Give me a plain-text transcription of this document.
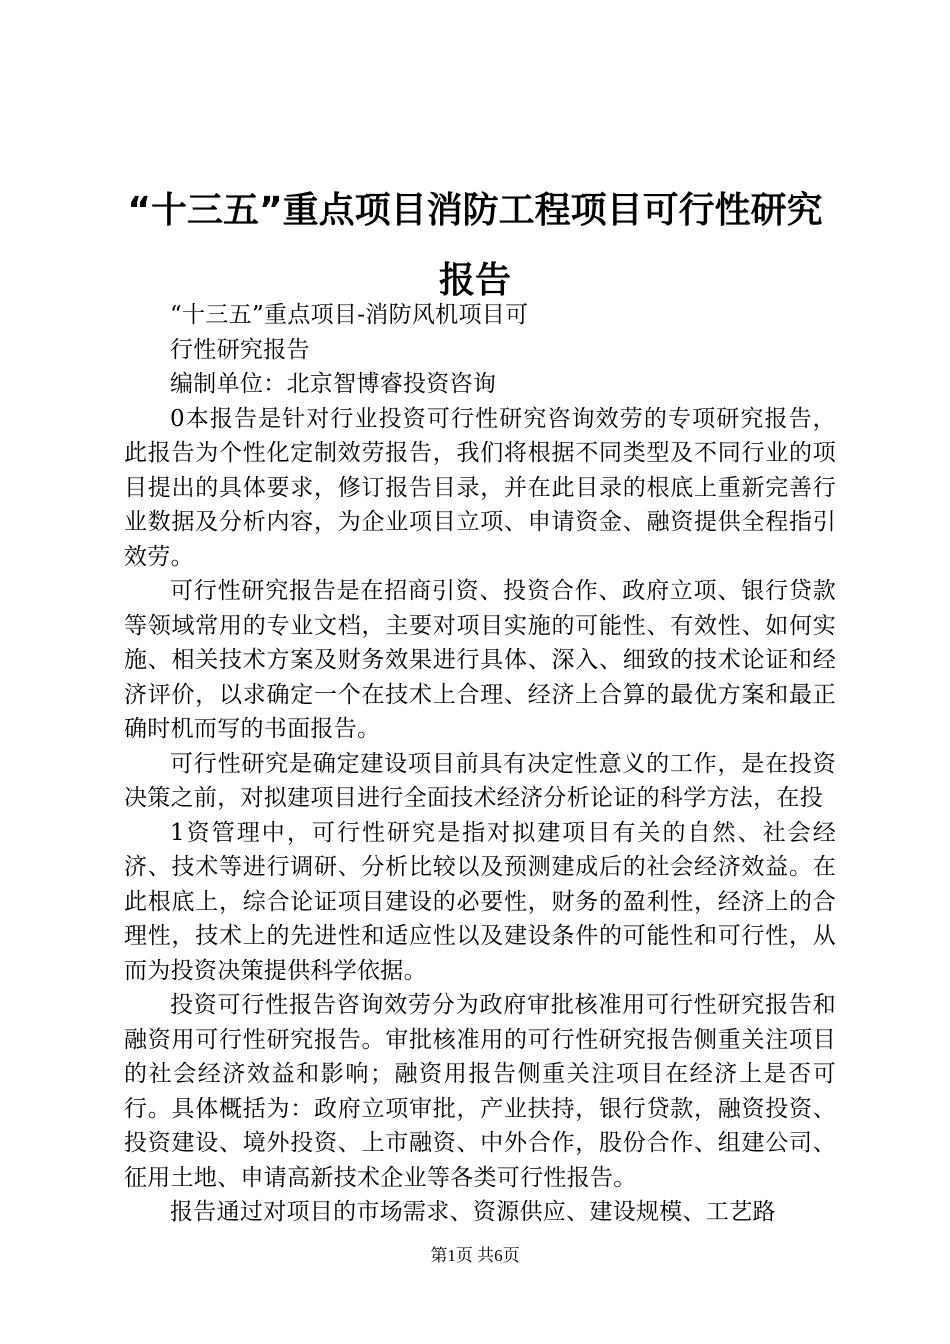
“十三五”重点项目消防工程项目可行性研究
报告

“十三五”重点项目-消防风机项目可

行性研究报告

编制单位：北京智博睿投资咨询

0本报告是针对行业投资可行性研究咨询效劳的专项研究报告，此报告为个性化定制效劳报告，我们将根据不同类型及不同行业的项目提出的具体要求，修订报告目录，并在此目录的根底上重新完善行业数据及分析内容，为企业项目立项、申请资金、融资提供全程指引效劳。

可行性研究报告是在招商引资、投资合作、政府立项、银行贷款等领域常用的专业文档，主要对项目实施的可能性、有效性、如何实施、相关技术方案及财务效果进行具体、深入、细致的技术论证和经济评价，以求确定一个在技术上合理、经济上合算的最优方案和最正确时机而写的书面报告。

可行性研究是确定建设项目前具有决定性意义的工作，是在投资决策之前，对拟建项目进行全面技术经济分析论证的科学方法，在投

1资管理中，可行性研究是指对拟建项目有关的自然、社会经济、技术等进行调研、分析比较以及预测建成后的社会经济效益。在此根底上，综合论证项目建设的必要性，财务的盈利性，经济上的合理性，技术上的先进性和适应性以及建设条件的可能性和可行性，从而为投资决策提供科学依据。

投资可行性报告咨询效劳分为政府审批核准用可行性研究报告和融资用可行性研究报告。审批核准用的可行性研究报告侧重关注项目的社会经济效益和影响；融资用报告侧重关注项目在经济上是否可行。具体概括为：政府立项审批，产业扶持，银行贷款，融资投资、投资建设、境外投资、上市融资、中外合作，股份合作、组建公司、征用土地、申请高新技术企业等各类可行性报告。

报告通过对项目的市场需求、资源供应、建设规模、工艺路

第1页 共6页
